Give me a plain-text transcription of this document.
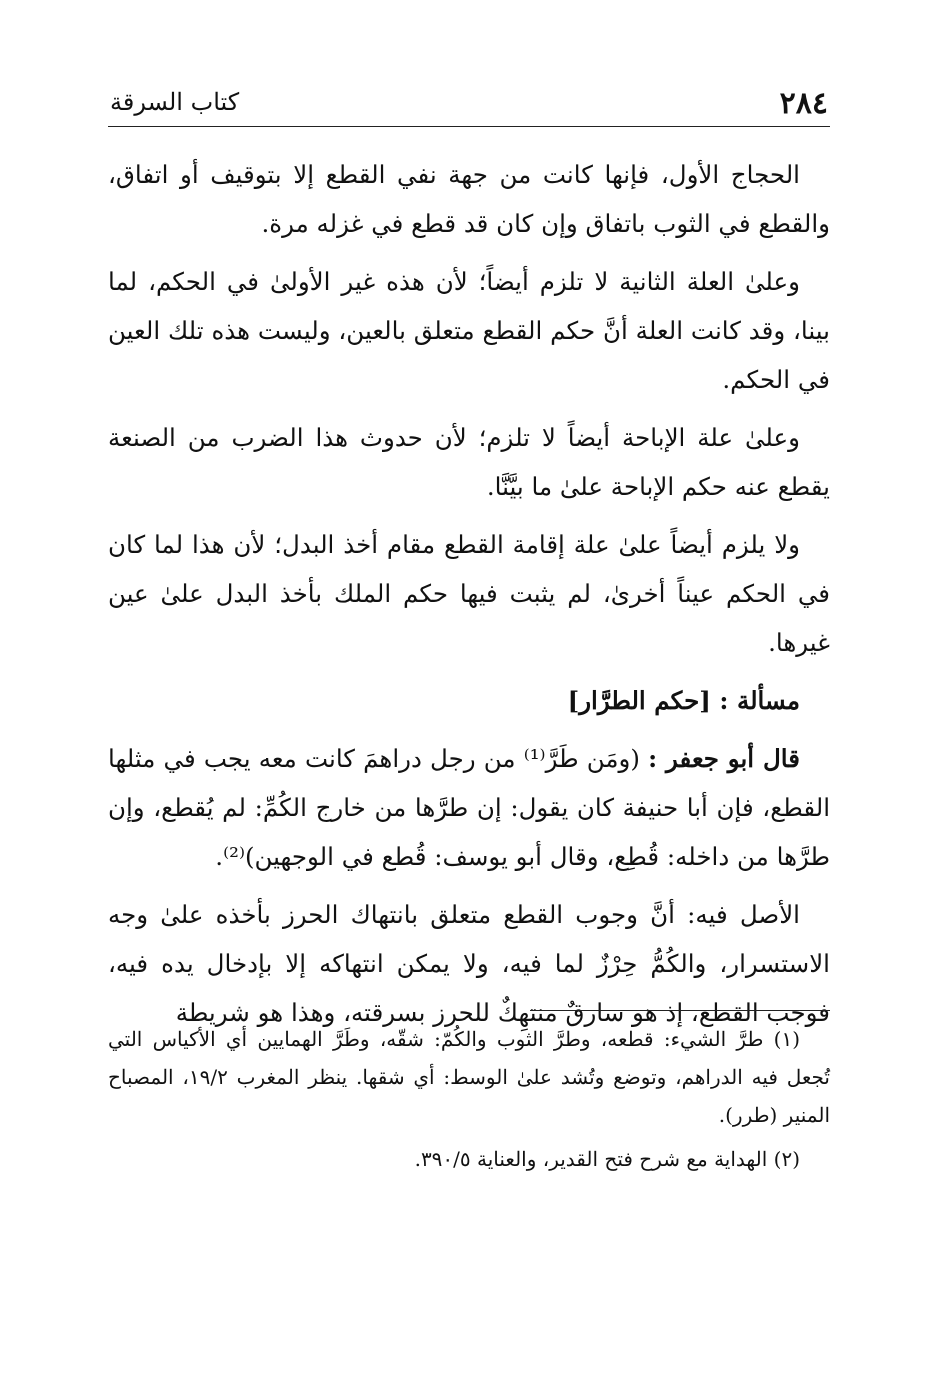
٢٨٤
كتاب السرقة

الحجاج الأول، فإنها كانت من جهة نفي القطع إلا بتوقيف أو اتفاق، والقطع في الثوب باتفاق وإن كان قد قطع في غزله مرة.

وعلىٰ العلة الثانية لا تلزم أيضاً؛ لأن هذه غير الأولىٰ في الحكم، لما بينا، وقد كانت العلة أنَّ حكم القطع متعلق بالعين، وليست هذه تلك العين في الحكم.

وعلىٰ علة الإباحة أيضاً لا تلزم؛ لأن حدوث هذا الضرب من الصنعة يقطع عنه حكم الإباحة علىٰ ما بيَّنَّا.

ولا يلزم أيضاً علىٰ علة إقامة القطع مقام أخذ البدل؛ لأن هذا لما كان في الحكم عيناً أخرىٰ، لم يثبت فيها حكم الملك بأخذ البدل علىٰ عين غيرها.

مسألة : [حكم الطرَّار]

قال أبو جعفر : (ومَن طَرَّ⁽¹⁾ من رجل دراهمَ كانت معه يجب في مثلها القطع، فإن أبا حنيفة كان يقول: إن طرَّها من خارج الكُمِّ: لم يُقطع، وإن طرَّها من داخله: قُطِع، وقال أبو يوسف: قُطع في الوجهين)⁽²⁾.

الأصل فيه: أنَّ وجوب القطع متعلق بانتهاك الحرز بأخذه علىٰ وجه الاستسرار، والكُمُّ حِرْزٌ لما فيه، ولا يمكن انتهاكه إلا بإدخال يده فيه، فوجب القطع، إذ هو سارقٌ منتهِكٌ للحرز بسرقته، وهذا هو شريطة

(١) طرَّ الشيء: قطعه، وطرَّ الثوب والكُمّ: شقّه، وطَرَّ الهمايين أي الأكياس التي تُجعل فيه الدراهم، وتوضع وتُشد علىٰ الوسط: أي شقها. ينظر المغرب ١٩/٢، المصباح المنير (طرر).

(٢) الهداية مع شرح فتح القدير، والعناية ٣٩٠/٥.
